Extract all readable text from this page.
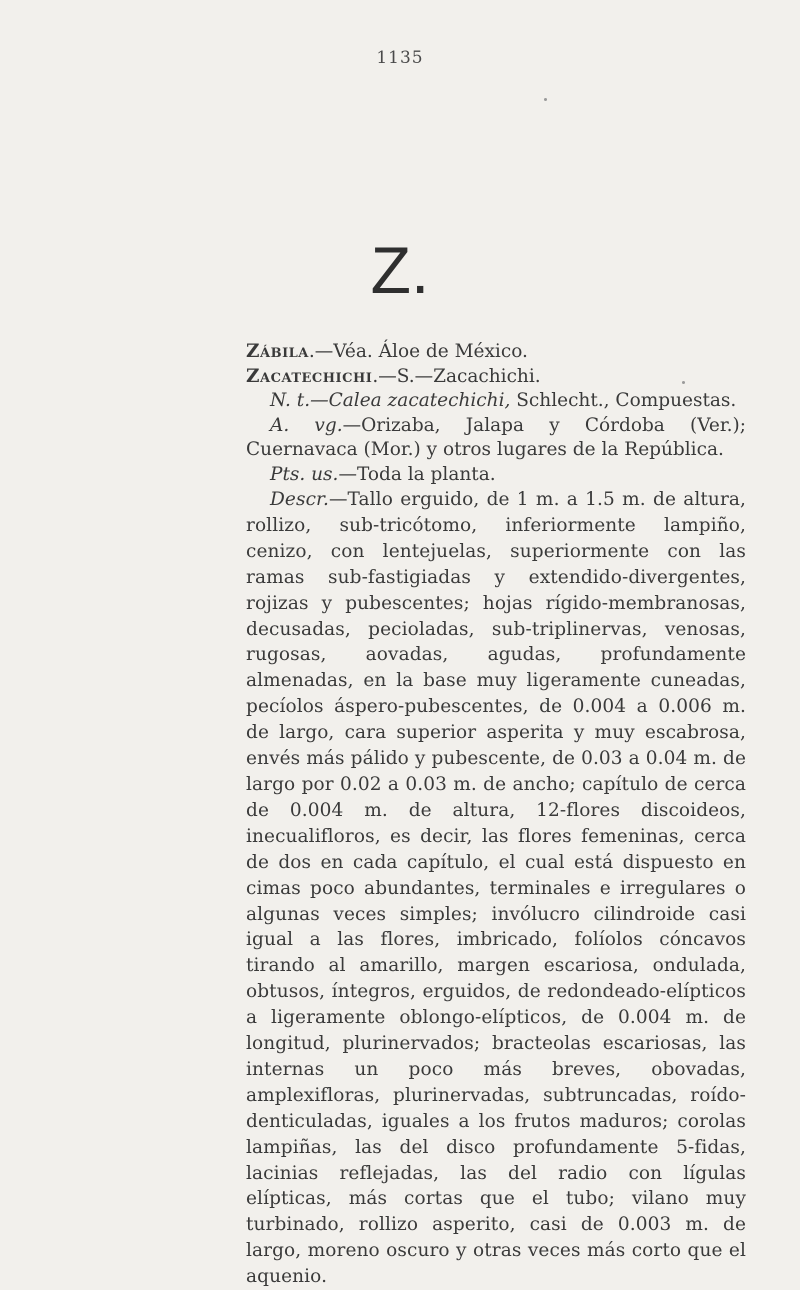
1135
Z.

Zábila.—Véa. Áloe de México.

Zacatechichi.—S.—Zacachichi.

N. t.—Calea zacatechichi, Schlecht., Compuestas.

A. vg.—Orizaba, Jalapa y Córdoba (Ver.); Cuernavaca (Mor.) y otros lugares de la República.

Pts. us.—Toda la planta.

Descr.—Tallo erguido, de 1 m. a 1.5 m. de altura, rollizo, sub-tricótomo, inferiormente lampiño, cenizo, con lentejuelas, superiormente con las ramas sub-fastigiadas y extendido-divergentes, rojizas y pubescentes; hojas rígido-membranosas, decusadas, pecioladas, sub-triplinervas, venosas, rugosas, aovadas, agudas, profundamente almenadas, en la base muy ligeramente cuneadas, pecíolos áspero-pubescentes, de 0.004 a 0.006 m. de largo, cara superior asperita y muy escabrosa, envés más pálido y pubescente, de 0.03 a 0.04 m. de largo por 0.02 a 0.03 m. de ancho; capítulo de cerca de 0.004 m. de altura, 12-flores discoideos, inecualifloros, es decir, las flores femeninas, cerca de dos en cada capítulo, el cual está dispuesto en cimas poco abundantes, terminales e irregulares o algunas veces simples; invólucro cilindroide casi igual a las flores, imbricado, folíolos cóncavos tirando al amarillo, margen escariosa, ondulada, obtusos, íntegros, erguidos, de redondeado-elípticos a ligeramente oblongo-elípticos, de 0.004 m. de longitud, plurinervados; bracteolas escariosas, las internas un poco más breves, obovadas, amplexifloras, plurinervadas, subtruncadas, roído-denticuladas, iguales a los frutos maduros; corolas lampiñas, las del disco profundamente 5-fidas, lacinias reflejadas, las del radio con lígulas elípticas, más cortas que el tubo; vilano muy turbinado, rollizo asperito, casi de 0.003 m. de largo, moreno oscuro y otras veces más corto que el aquenio.
